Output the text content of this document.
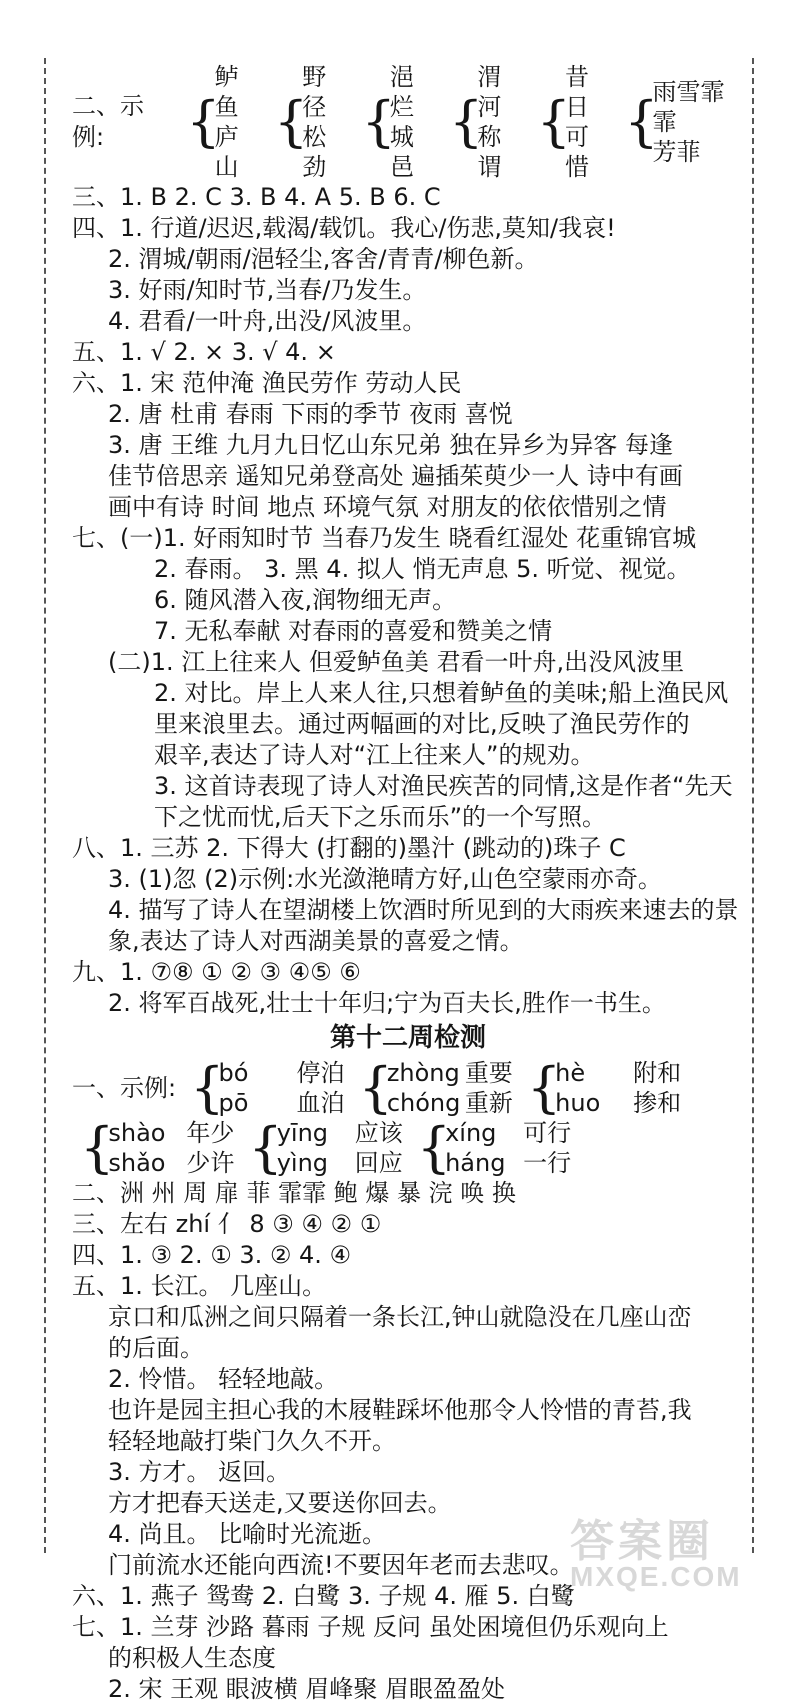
二、示例:	{
鲈鱼
庐山
{
野径
松劲
{
浥烂
城邑
{
渭河
称谓
{
昔日
可惜
{
雨雪霏霏
芳菲
三、1. B 2. C 3. B 4. A 5. B 6. C
四、1. 行道/迟迟,载渴/载饥。我心/伤悲,莫知/我哀!
2. 渭城/朝雨/浥轻尘,客舍/青青/柳色新。
3. 好雨/知时节,当春/乃发生。
4. 君看/一叶舟,出没/风波里。
五、1. √ 2. × 3. √ 4. ×
六、1. 宋 范仲淹 渔民劳作 劳动人民
2. 唐 杜甫 春雨 下雨的季节 夜雨 喜悦
3. 唐 王维 九月九日忆山东兄弟 独在异乡为异客 每逢
佳节倍思亲 遥知兄弟登高处 遍插茱萸少一人 诗中有画
画中有诗 时间 地点 环境气氛 对朋友的依依惜别之情
七、(一)1. 好雨知时节 当春乃发生 晓看红湿处 花重锦官城
2. 春雨。 3. 黑 4. 拟人 悄无声息 5. 听觉、视觉。
6. 随风潜入夜,润物细无声。
7. 无私奉献 对春雨的喜爱和赞美之情
(二)1. 江上往来人 但爱鲈鱼美 君看一叶舟,出没风波里
2. 对比。岸上人来人往,只想着鲈鱼的美味;船上渔民风
里来浪里去。通过两幅画的对比,反映了渔民劳作的
艰辛,表达了诗人对“江上往来人”的规劝。
3. 这首诗表现了诗人对渔民疾苦的同情,这是作者“先天
下之忧而忧,后天下之乐而乐”的一个写照。
八、1. 三苏 2. 下得大 (打翻的)墨汁 (跳动的)珠子 C
3. (1)忽 (2)示例:水光潋滟晴方好,山色空蒙雨亦奇。
4. 描写了诗人在望湖楼上饮酒时所见到的大雨疾来速去的景
象,表达了诗人对西湖美景的喜爱之情。
九、1. ⑦⑧ ① ② ③ ④⑤ ⑥
2. 将军百战死,壮士十年归;宁为百夫长,胜作一书生。
第十二周检测
一、示例: {
bó 停泊
pō 血泊 {
zhòng 重要
chóng 重新 {
hè 附和
huo 掺和
{
shào 年少
shǎo 少许 {
yīng 应该
yìng 回应 {
xíng 可行
háng 一行
二、洲 州 周 扉 菲 霏霏 鲍 爆 暴 浣 唤 换
三、左右 zhí 亻 8 ③ ④ ② ①
四、1. ③ 2. ① 3. ② 4. ④
五、1. 长江。 几座山。
京口和瓜洲之间只隔着一条长江,钟山就隐没在几座山峦
的后面。
2. 怜惜。 轻轻地敲。
也许是园主担心我的木屐鞋踩坏他那令人怜惜的青苔,我
轻轻地敲打柴门久久不开。
3. 方才。 返回。
方才把春天送走,又要送你回去。
4. 尚且。 比喻时光流逝。
门前流水还能向西流!不要因年老而去悲叹。
六、1. 燕子 鸳鸯 2. 白鹭 3. 子规 4. 雁 5. 白鹭
七、1. 兰芽 沙路 暮雨 子规 反问 虽处困境但仍乐观向上
的积极人生态度
2. 宋 王观 眼波横 眉峰聚 眉眼盈盈处
答案圈
MXQE.COM
